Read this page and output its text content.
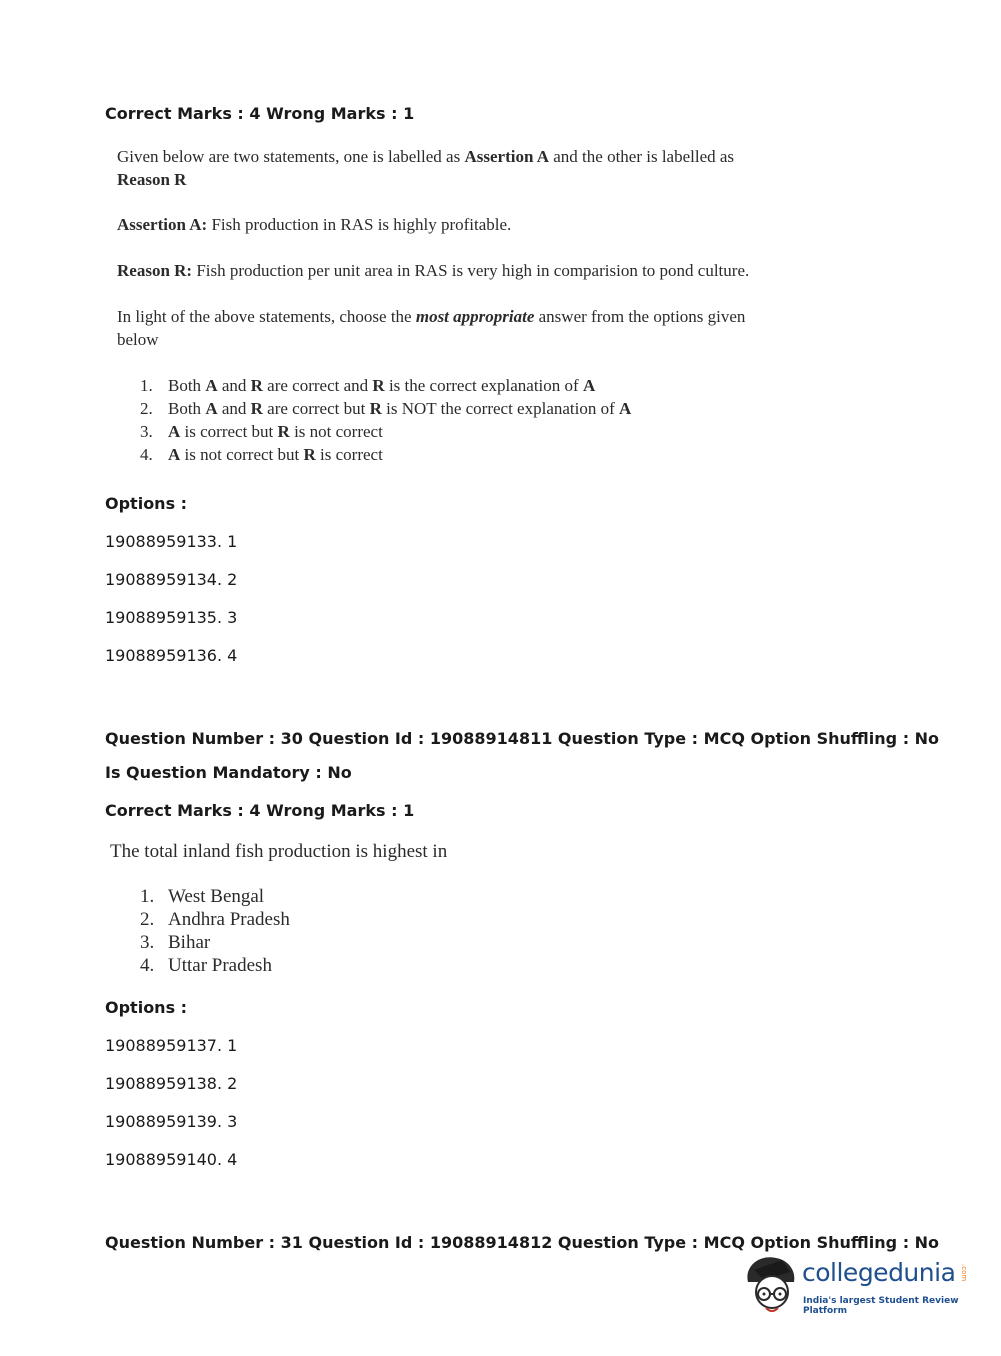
Correct Marks : 4 Wrong Marks : 1
Given below are two statements, one is labelled as Assertion A and the other is labelled as
Reason R
Assertion A: Fish production in RAS is highly profitable.
Reason R: Fish production per unit area in RAS is very high in comparision to pond culture.
In light of the above statements, choose the most appropriate answer from the options given
below
1. Both A and R are correct and R is the correct explanation of A
2. Both A and R are correct but R is NOT the correct explanation of A
3. A is correct but R is not correct
4. A is not correct but R is correct
Options :
19088959133. 1
19088959134. 2
19088959135. 3
19088959136. 4
Question Number : 30 Question Id : 19088914811 Question Type : MCQ Option Shuffling : No
Is Question Mandatory : No
Correct Marks : 4 Wrong Marks : 1
The total inland fish production is highest in
1. West Bengal
2. Andhra Pradesh
3. Bihar
4. Uttar Pradesh
Options :
19088959137. 1
19088959138. 2
19088959139. 3
19088959140. 4
Question Number : 31 Question Id : 19088914812 Question Type : MCQ Option Shuffling : No
collegedunia .com
India's largest Student Review Platform
